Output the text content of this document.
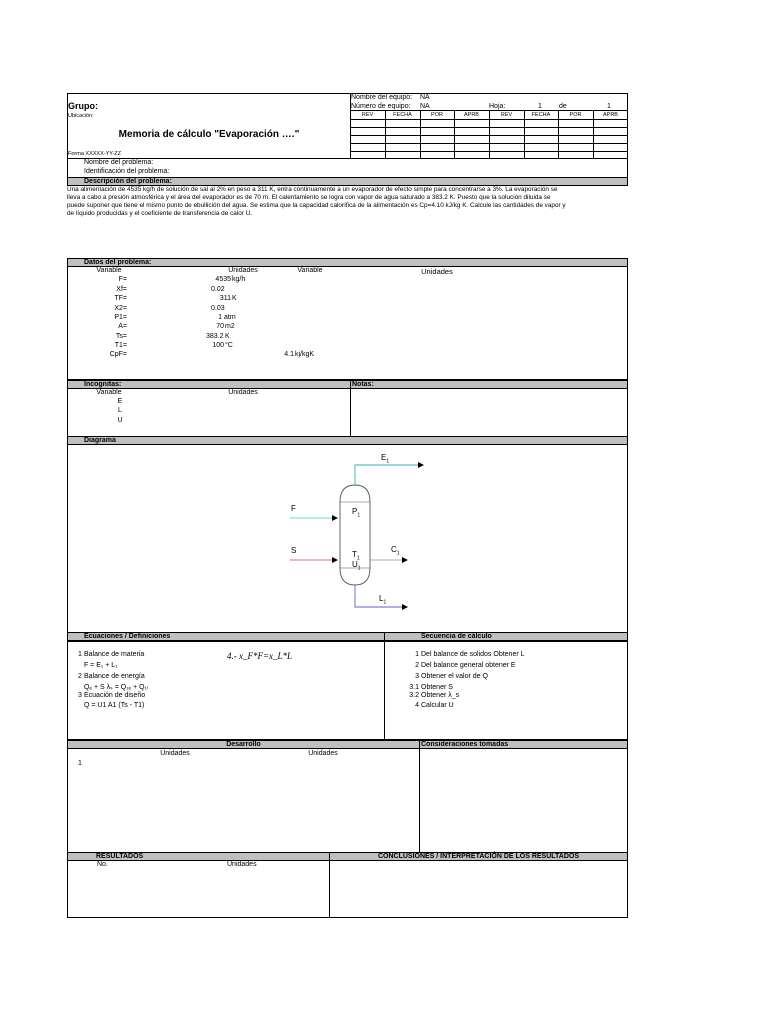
Grupo:
Ubicación:
Memoria de cálculo "Evaporación …."
Forma XXXXX-YY-ZZ
Nombre del equipo: NA
Número de equipo: NA	Hoja:	1 de	1
REV	FECHA	POR	APRB	REV	FECHA	POR	APRB
Nombre del problema:
Identificación del problema:
Descripción del problema:
Una alimentación de 4535 kg/h de solución de sal al 2% en peso a 311 K, entra continuamente a un evaporador de efecto simple para concentrarse a 3%. La evaporación se
lleva a cabo a presión atmosférica y el área del evaporador es de 70 m. El calentamiento se logra con vapor de agua saturado a 383.2 K. Puesto que la solución diluida se
puede suponer que tiene el mismo punto de ebullición del agua. Se estima que la capacidad calorífica de la alimentación es Cp=4.10 kJ/kg K. Calcule las cantidades de vapor y
de líquido producidas y el coeficiente de transferencia de calor U.
Datos del problema:
Variable	Unidades	Variable	Unidades
F=	4535 kg/h
Xf=	0.02
TF=	311 K
X2=	0.03
P1=	1 atm
A=	70 m2
Ts=	383.2 K
T1=	100 °C
CpF=	4.1 kj/kgK
Incognitas:	Notas:
Variable	Unidades
E
L
U
Diagrama
$E_1$
F	$P_1$
S	$T_1$
$U_1$
$C_1$
$L_1$
Ecuaciones / Definiciones	Secuencia de cálculo
1 Balance de materia
F = E₁ + L₁
2 Balance de energía
Qₑ + S λₛ = Q₁ₑ + Q₁ₗ
3 Ecuación de diseño
Q = U1 A1 (Ts - T1)
4.- x_F*F=x_L*L	1 Del balance de solidos Obtener L
2 Del balance general obtener E
3 Obtener el valor de Q
3.1 Obtener S
3.2 Obtener λ_s
4 Calcular U
Desarrollo	Consideraciones tomadas
Unidades	Unidades
1
RESULTADOS	CONCLUSIONES / INTERPRETACIÓN DE LOS RESULTADOS
No.	Unidades
